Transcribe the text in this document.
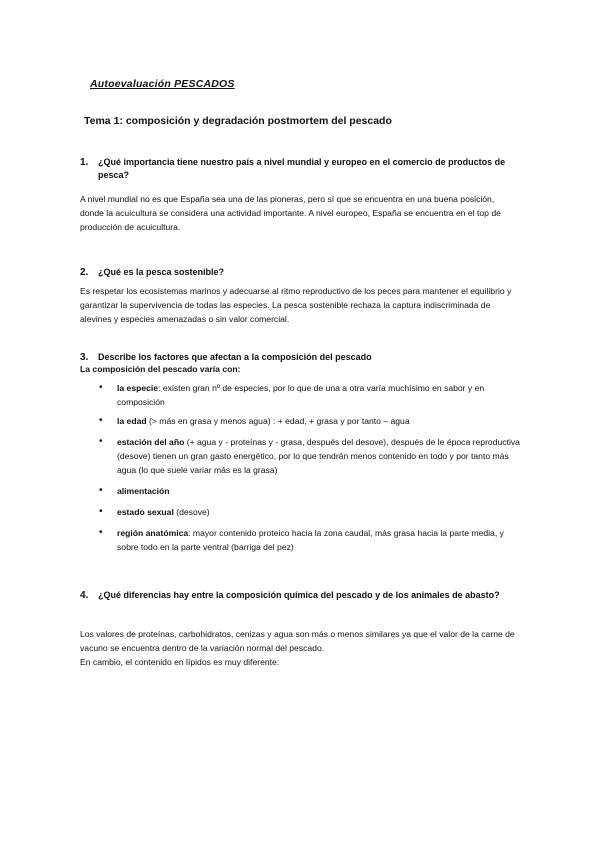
Autoevaluación PESCADOS
Tema 1: composición y degradación postmortem del pescado
1. ¿Qué importancia tiene nuestro país a nivel mundial y europeo en el comercio de productos de pesca?
A nivel mundial no es que España sea una de las pioneras, pero sí que se encuentra en una buena posición, donde la acuicultura se considera una actividad importante. A nivel europeo, España se encuentra en el top de producción de acuicultura.
2. ¿Qué es la pesca sostenible?
Es respetar los ecosistemas marinos y adecuarse al ritmo reproductivo de los peces para mantener el equilibrio y garantizar la supervivencia de todas las especies. La pesca sostenible rechaza la captura indiscriminada de alevines y especies amenazadas o sin valor comercial.
3. Describe los factores que afectan a la composición del pescado
La composición del pescado varía con:
• la especie: existen gran nº de especies, por lo que de una a otra varía muchísimo en sabor y en composición
• la edad (> más en grasa y menos agua) : + edad, + grasa y por tanto – agua
• estación del año (+ agua y - proteínas y - grasa, después del desove), después de le época reproductiva (desove) tienen un gran gasto energético, por lo que tendrán menos contenido en todo y por tanto más agua (lo que suele variar más es la grasa)
• alimentación
• estado sexual (desove)
• región anatómica: mayor contenido proteico hacia la zona caudal, más grasa hacia la parte media, y sobre todo en la parte ventral (barriga del pez)
4. ¿Qué diferencias hay entre la composición química del pescado y de los animales de abasto?
Los valores de proteínas, carbohidratos, cenizas y agua son más o menos similares ya que el valor de la carne de vacuno se encuentra dentro de la variación normal del pescado.
En cambio, el contenido en lípidos es muy diferente:
